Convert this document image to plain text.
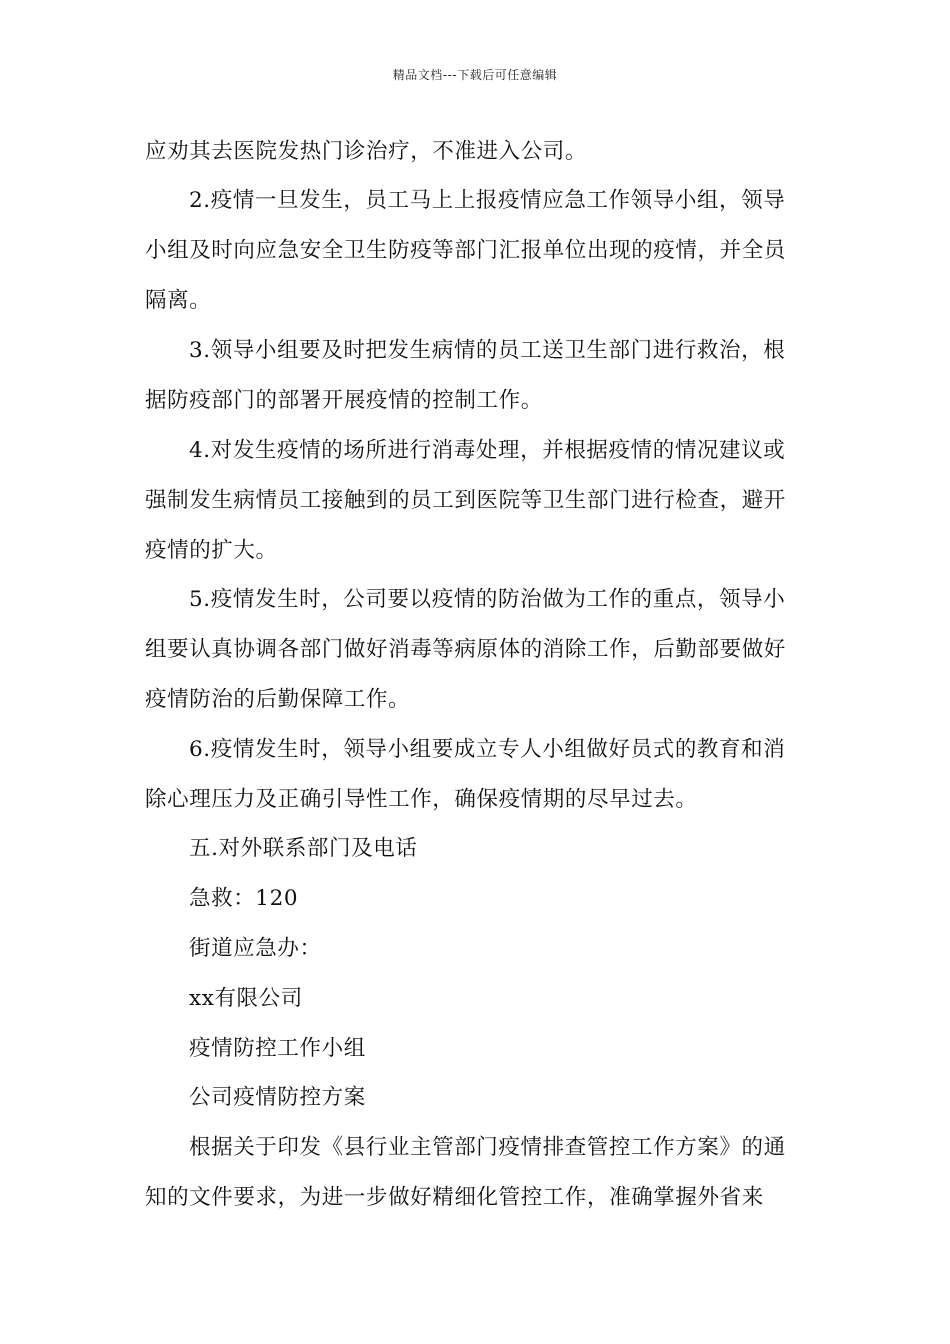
精品文档---下载后可任意编辑
应劝其去医院发热门诊治疗，不准进入公司。
2.疫情一旦发生，员工马上上报疫情应急工作领导小组，领导
小组及时向应急安全卫生防疫等部门汇报单位出现的疫情，并全员
隔离。
3.领导小组要及时把发生病情的员工送卫生部门进行救治，根
据防疫部门的部署开展疫情的控制工作。
4.对发生疫情的场所进行消毒处理，并根据疫情的情况建议或
强制发生病情员工接触到的员工到医院等卫生部门进行检查，避开
疫情的扩大。
5.疫情发生时，公司要以疫情的防治做为工作的重点，领导小
组要认真协调各部门做好消毒等病原体的消除工作，后勤部要做好
疫情防治的后勤保障工作。
6.疫情发生时，领导小组要成立专人小组做好员式的教育和消
除心理压力及正确引导性工作，确保疫情期的尽早过去。
五.对外联系部门及电话
急救：120
街道应急办：
xx有限公司
疫情防控工作小组
公司疫情防控方案
根据关于印发《县行业主管部门疫情排查管控工作方案》的通
知的文件要求，为进一步做好精细化管控工作，准确掌握外省来
